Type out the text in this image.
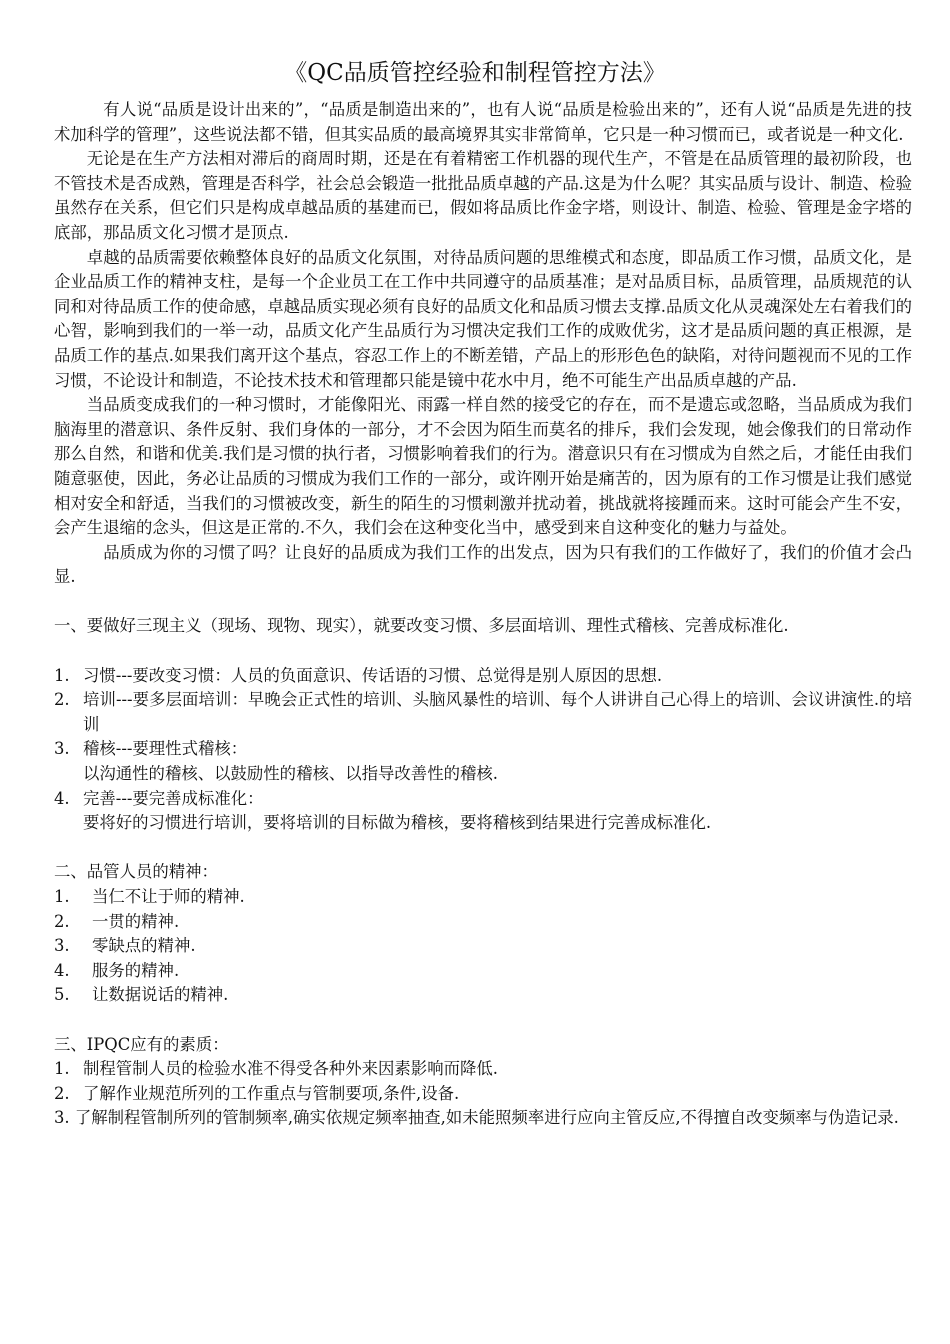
《QC品质管控经验和制程管控方法》

有人说“品质是设计出来的”，“品质是制造出来的”，也有人说“品质是检验出来的”，还有人说“品质是先进的技术加科学的管理”，这些说法都不错，但其实品质的最高境界其实非常简单，它只是一种习惯而已，或者说是一种文化.

无论是在生产方法相对滞后的商周时期，还是在有着精密工作机器的现代生产，不管是在品质管理的最初阶段，也不管技术是否成熟，管理是否科学，社会总会锻造一批批品质卓越的产品.这是为什么呢？其实品质与设计、制造、检验虽然存在关系，但它们只是构成卓越品质的基建而已，假如将品质比作金字塔，则设计、制造、检验、管理是金字塔的底部，那品质文化习惯才是顶点.

卓越的品质需要依赖整体良好的品质文化氛围，对待品质问题的思维模式和态度，即品质工作习惯，品质文化，是企业品质工作的精神支柱，是每一个企业员工在工作中共同遵守的品质基准；是对品质目标，品质管理，品质规范的认同和对待品质工作的使命感，卓越品质实现必须有良好的品质文化和品质习惯去支撑.品质文化从灵魂深处左右着我们的心智，影响到我们的一举一动，品质文化产生品质行为习惯决定我们工作的成败优劣，这才是品质问题的真正根源，是品质工作的基点.如果我们离开这个基点，容忍工作上的不断差错，产品上的形形色色的缺陷，对待问题视而不见的工作习惯，不论设计和制造，不论技术技术和管理都只能是镜中花水中月，绝不可能生产出品质卓越的产品.

当品质变成我们的一种习惯时，才能像阳光、雨露一样自然的接受它的存在，而不是遗忘或忽略，当品质成为我们脑海里的潜意识、条件反射、我们身体的一部分，才不会因为陌生而莫名的排斥，我们会发现，她会像我们的日常动作那么自然，和谐和优美.我们是习惯的执行者，习惯影响着我们的行为。潜意识只有在习惯成为自然之后，才能任由我们随意驱使，因此，务必让品质的习惯成为我们工作的一部分，或许刚开始是痛苦的，因为原有的工作习惯是让我们感觉相对安全和舒适，当我们的习惯被改变，新生的陌生的习惯刺激并扰动着，挑战就将接踵而来。这时可能会产生不安，会产生退缩的念头，但这是正常的.不久，我们会在这种变化当中，感受到来自这种变化的魅力与益处。

品质成为你的习惯了吗？让良好的品质成为我们工作的出发点，因为只有我们的工作做好了，我们的价值才会凸显.

一、要做好三现主义（现场、现物、现实），就要改变习惯、多层面培训、理性式稽核、完善成标准化.

1. 习惯---要改变习惯：人员的负面意识、传话语的习惯、总觉得是别人原因的思想.
2. 培训---要多层面培训：早晚会正式性的培训、头脑风暴性的培训、每个人讲讲自己心得上的培训、会议讲演性.的培训
3. 稽核---要理性式稽核：

以沟通性的稽核、以鼓励性的稽核、以指导改善性的稽核.

4. 完善---要完善成标准化：

要将好的习惯进行培训，要将培训的目标做为稽核，要将稽核到结果进行完善成标准化.

二、品管人员的精神：

1.	当仁不让于师的精神.
2.	一贯的精神.
3.	零缺点的精神.
4.	服务的精神.
5.	让数据说话的精神.

三、IPQC应有的素质：

1. 制程管制人员的检验水准不得受各种外来因素影响而降低.
2. 了解作业规范所列的工作重点与管制要项,条件,设备.

3. 了解制程管制所列的管制频率,确实依规定频率抽查,如未能照频率进行应向主管反应,不得擅自改变频率与伪造记录.
